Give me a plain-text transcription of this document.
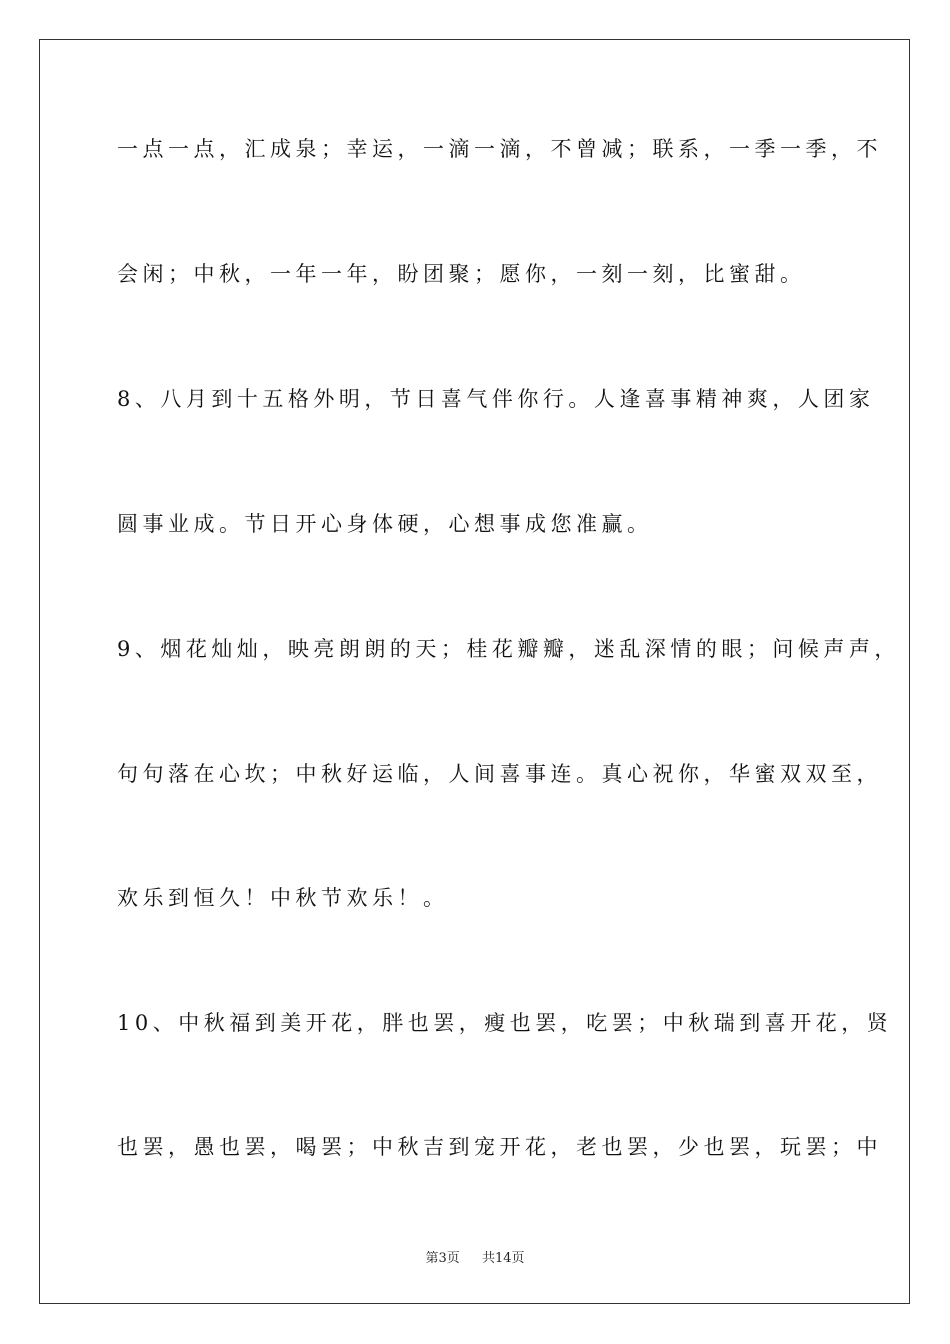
一点一点，汇成泉；幸运，一滴一滴，不曾减；联系，一季一季，不
会闲；中秋，一年一年，盼团聚；愿你，一刻一刻，比蜜甜。
8、八月到十五格外明，节日喜气伴你行。人逢喜事精神爽，人团家
圆事业成。节日开心身体硬，心想事成您准赢。
9、烟花灿灿，映亮朗朗的天；桂花瓣瓣，迷乱深情的眼；问候声声，
句句落在心坎；中秋好运临，人间喜事连。真心祝你，华蜜双双至，
欢乐到恒久！中秋节欢乐！。
10、中秋福到美开花，胖也罢，瘦也罢，吃罢；中秋瑞到喜开花，贤
也罢，愚也罢，喝罢；中秋吉到宠开花，老也罢，少也罢，玩罢；中
第3页 共14页
